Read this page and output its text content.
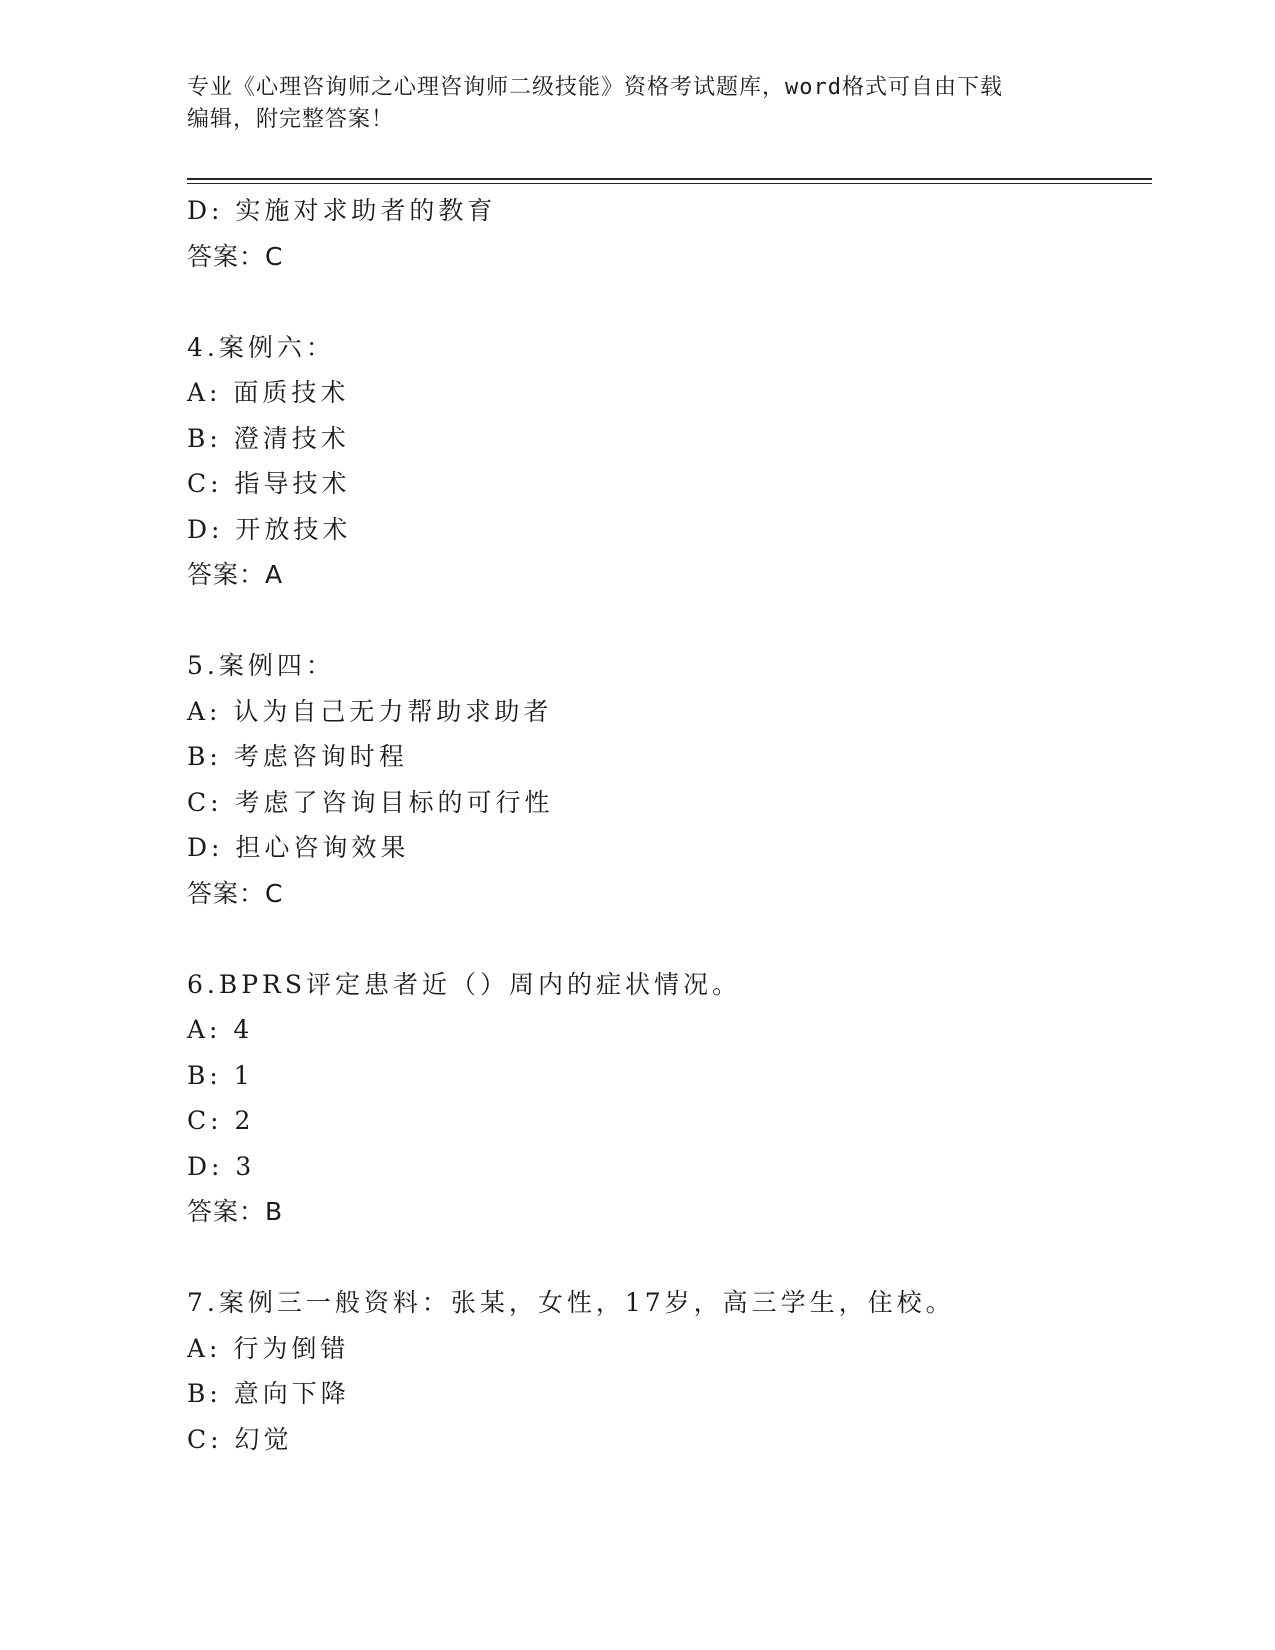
专业《心理咨询师之心理咨询师二级技能》资格考试题库，word格式可自由下载
编辑，附完整答案！
D: 实施对求助者的教育
答案：C
4.案例六：
A: 面质技术
B: 澄清技术
C: 指导技术
D: 开放技术
答案：A
5.案例四：
A: 认为自己无力帮助求助者
B: 考虑咨询时程
C: 考虑了咨询目标的可行性
D: 担心咨询效果
答案：C
6.BPRS评定患者近（）周内的症状情况。
A: 4
B: 1
C: 2
D: 3
答案：B
7.案例三一般资料：张某，女性，17岁，高三学生，住校。
A: 行为倒错
B: 意向下降
C: 幻觉
